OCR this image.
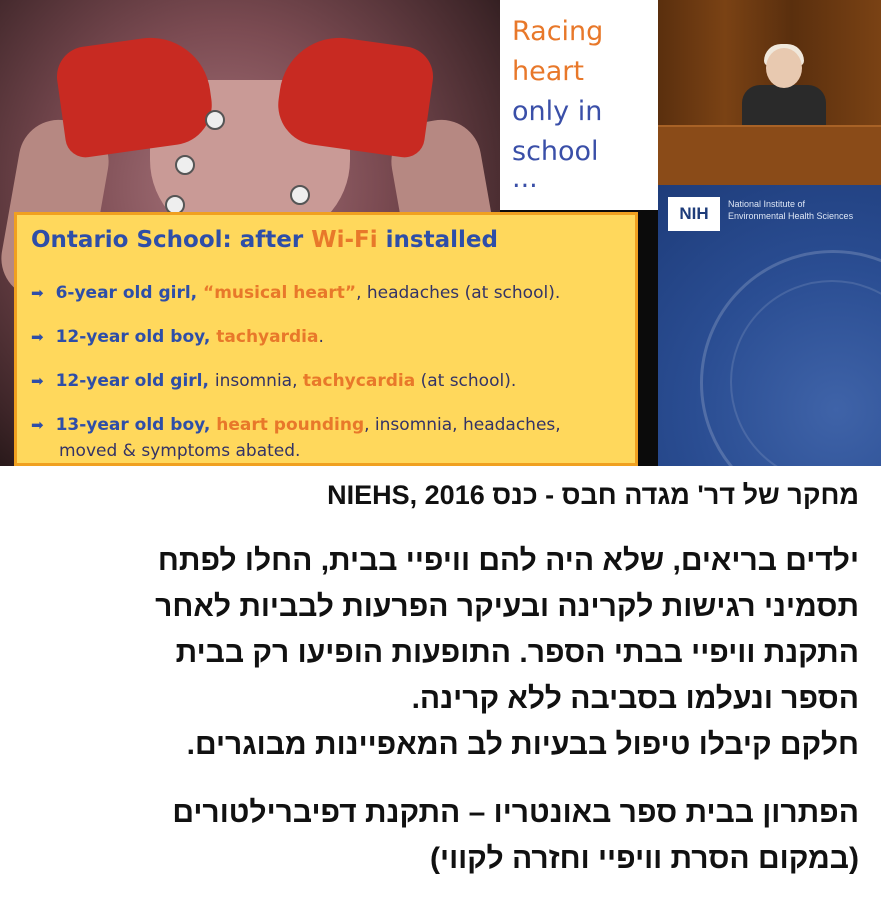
Racing
heart
only in
school
...
Ontario School: after Wi-Fi installed
➡ 6-year old girl, “musical heart”, headaches (at school).
➡ 12-year old boy, tachyardia.
➡ 12-year old girl, insomnia, tachycardia (at school).
➡ 13-year old boy, heart pounding, insomnia, headaches,
moved & symptoms abated.
NIH	National Institute of
Environmental Health Sciences
מחקר של דר' מגדה חבס - כנס NIEHS, 2016
ילדים בריאים, שלא היה להם וויפיי בבית, החלו לפתח
תסמיני רגישות לקרינה ובעיקר הפרעות לבביות לאחר
התקנת וויפיי בבתי הספר. התופעות הופיעו רק בבית
הספר ונעלמו בסביבה ללא קרינה.
חלקם קיבלו טיפול בבעיות לב המאפיינות מבוגרים.
הפתרון בבית ספר באונטריו – התקנת דפיברילטורים
(במקום הסרת וויפיי וחזרה לקווי)
